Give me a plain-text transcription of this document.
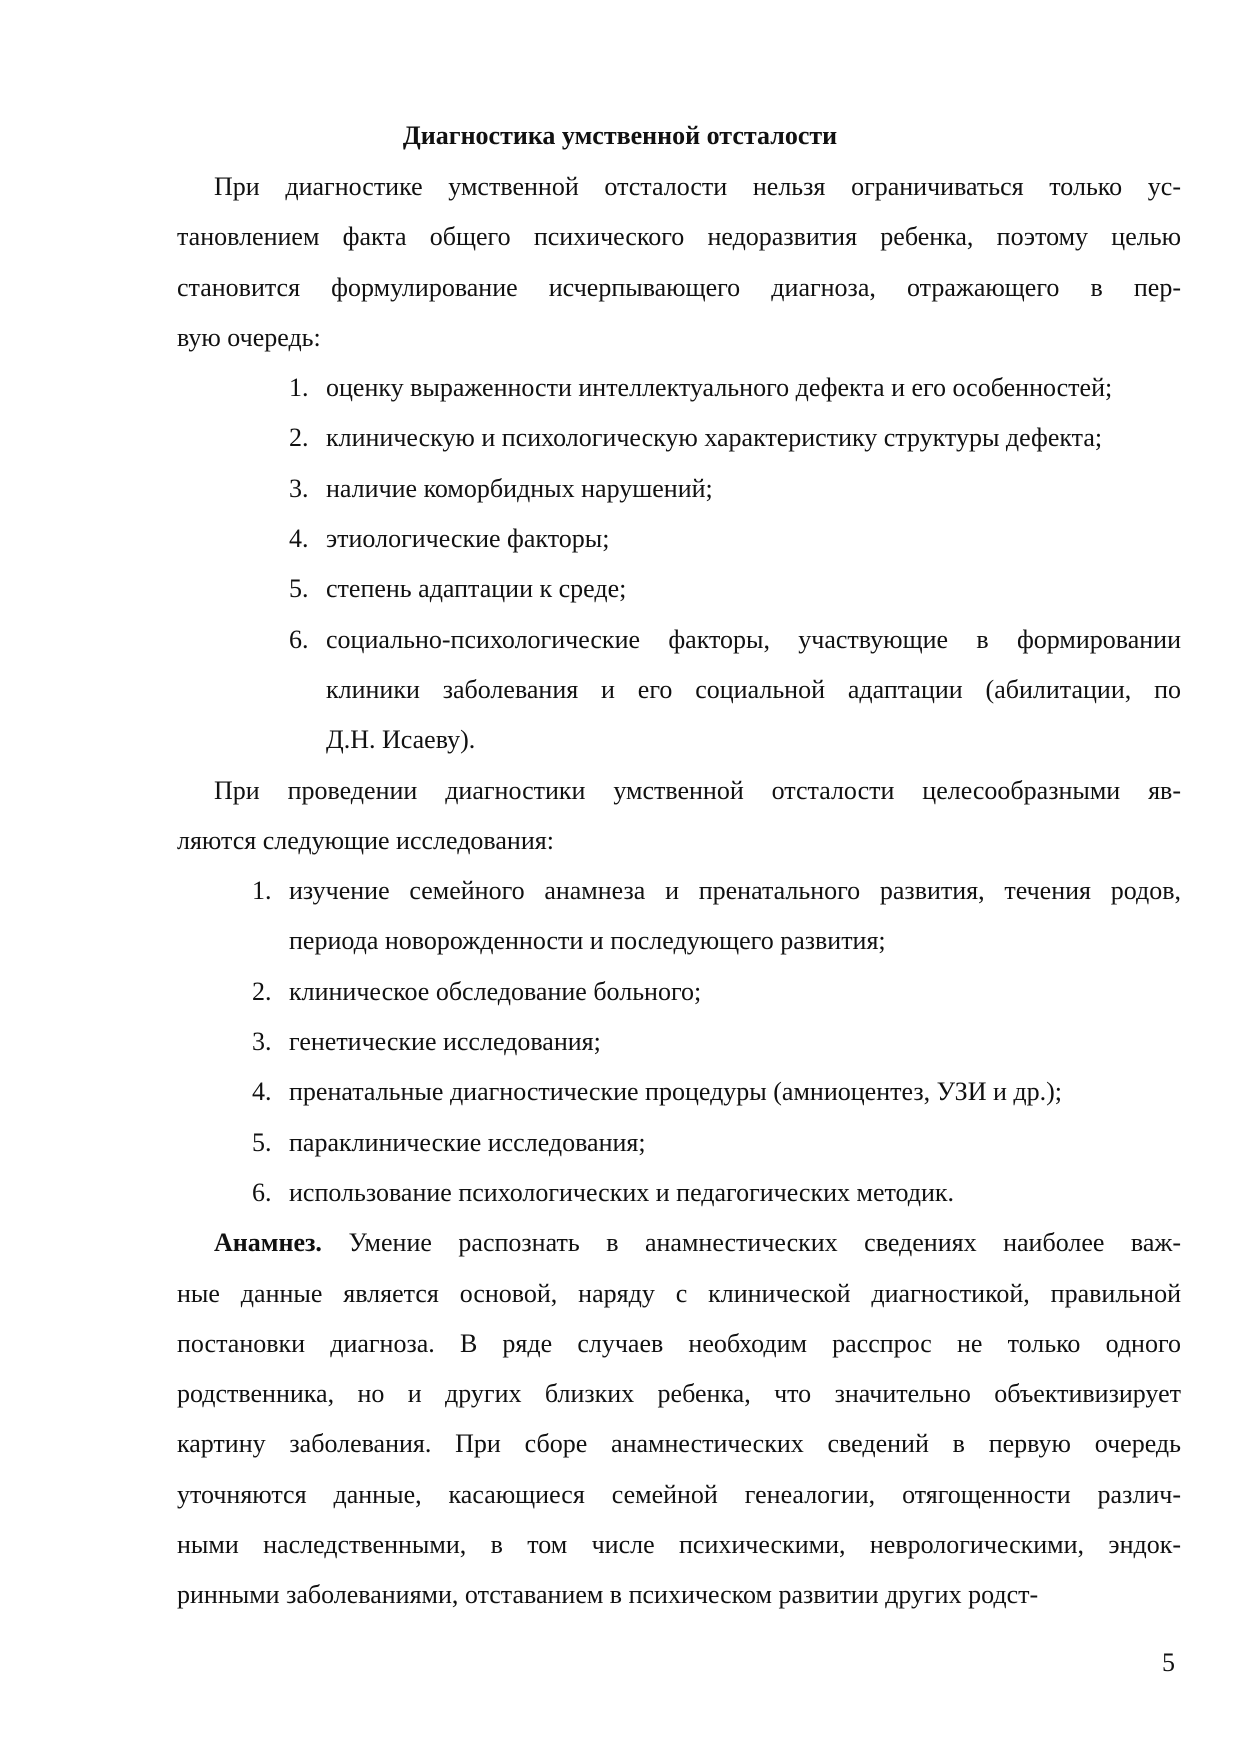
Диагностика умственной отсталости
При диагностике умственной отсталости нельзя ограничиваться только ус-
тановлением факта общего психического недоразвития ребенка, поэтому целью
становится формулирование исчерпывающего диагноза, отражающего в пер-
вую очередь:
1. оценку выраженности интеллектуального дефекта и его особенностей;
2. клиническую и психологическую характеристику структуры дефекта;
3. наличие коморбидных нарушений;
4. этиологические факторы;
5. степень адаптации к среде;
6. социально-психологические факторы, участвующие в формировании
клиники заболевания и его социальной адаптации (абилитации, по
Д.Н. Исаеву).
При проведении диагностики умственной отсталости целесообразными яв-
ляются следующие исследования:
1. изучение семейного анамнеза и пренатального развития, течения родов,
периода новорожденности и последующего развития;
2. клиническое обследование больного;
3. генетические исследования;
4. пренатальные диагностические процедуры (амниоцентез, УЗИ и др.);
5. параклинические исследования;
6. использование психологических и педагогических методик.
Анамнез. Умение распознать в анамнестических сведениях наиболее важ-
ные данные является основой, наряду с клинической диагностикой, правильной
постановки диагноза. В ряде случаев необходим расспрос не только одного
родственника, но и других близких ребенка, что значительно объективизирует
картину заболевания. При сборе анамнестических сведений в первую очередь
уточняются данные, касающиеся семейной генеалогии, отягощенности различ-
ными наследственными, в том числе психическими, неврологическими, эндок-
ринными заболеваниями, отставанием в психическом развитии других родст-
5
